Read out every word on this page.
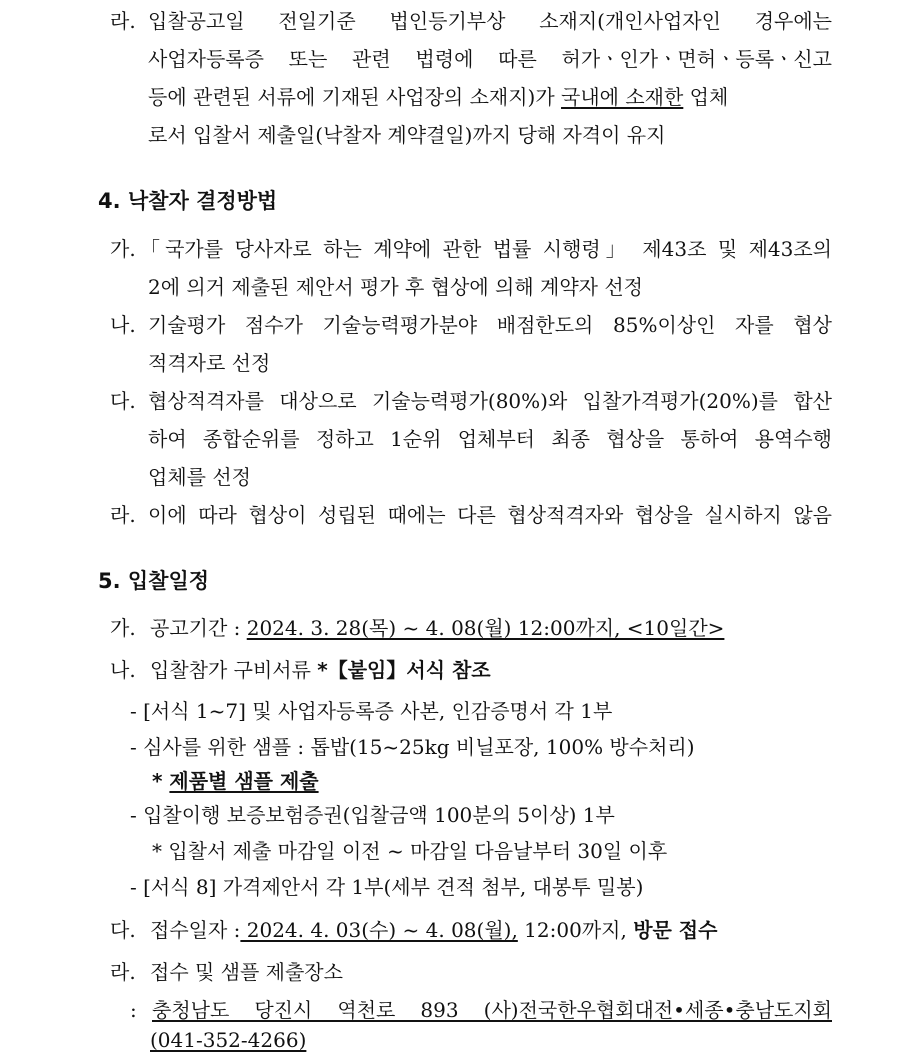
라. 입찰공고일 전일기준 법인등기부상 소재지(개인사업자인 경우에는
사업자등록증 또는 관련 법령에 따른 허가ㆍ인가ㆍ면허ㆍ등록ㆍ신고
등에 관련된 서류에 기재된 사업장의 소재지)가 국내에 소재한 업체
로서 입찰서 제출일(낙찰자 계약결일)까지 당해 자격이 유지
4. 낙찰자 결정방법
가. 「국가를 당사자로 하는 계약에 관한 법률 시행령」 제43조 및 제43조의
2에 의거 제출된 제안서 평가 후 협상에 의해 계약자 선정
나. 기술평가 점수가 기술능력평가분야 배점한도의 85%이상인 자를 협상
적격자로 선정
다. 협상적격자를 대상으로 기술능력평가(80%)와 입찰가격평가(20%)를 합산
하여 종합순위를 정하고 1순위 업체부터 최종 협상을 통하여 용역수행
업체를 선정
라. 이에 따라 협상이 성립된 때에는 다른 협상적격자와 협상을 실시하지 않음
5. 입찰일정
가. 공고기간 : 2024. 3. 28(목) ~ 4. 08(월) 12:00까지, <10일간>
나. 입찰참가 구비서류 *【붙임】서식 참조
- [서식 1~7] 및 사업자등록증 사본, 인감증명서 각 1부
- 심사를 위한 샘플 : 톱밥(15~25kg 비닐포장, 100% 방수처리)
* 제품별 샘플 제출
- 입찰이행 보증보험증권(입찰금액 100분의 5이상) 1부
* 입찰서 제출 마감일 이전 ~ 마감일 다음날부터 30일 이후
- [서식 8] 가격제안서 각 1부(세부 견적 첨부, 대봉투 밀봉)
다. 접수일자 : 2024. 4. 03(수) ~ 4. 08(월), 12:00까지, 방문 접수
라. 접수 및 샘플 제출장소
: 충청남도 당진시 역천로 893 (사)전국한우협회대전•세종•충남도지회
(041-352-4266)
